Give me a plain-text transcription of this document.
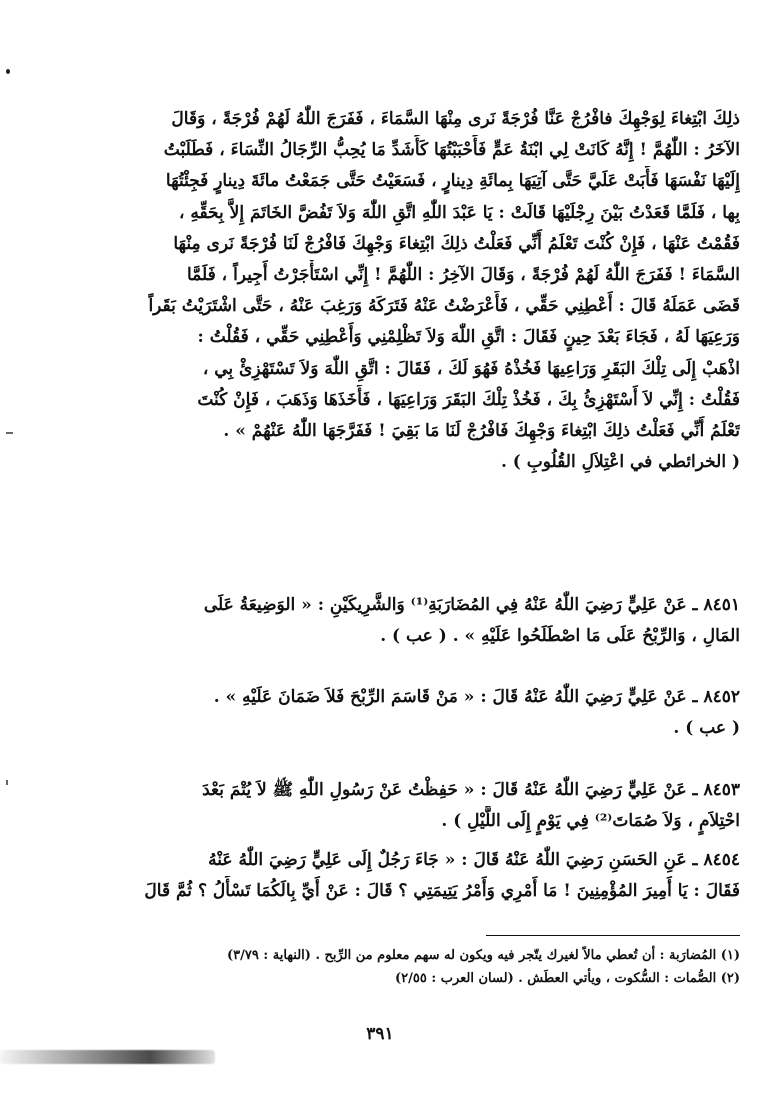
ذلِكَ ابْتِغاءَ لِوَجْهِكَ فافْرُجْ عَنَّا فُرْجَةً نَرى مِنْهَا السَّمَاءَ ، فَفَرَجَ اللّٰهُ لَهُمْ فُرْجَةً ، وَقَالَ
الآخَرُ : اللّٰهُمَّ ! إِنَّهُ كَانَتْ لِي ابْنَةُ عَمٍّ فَأَحْبَبْتُهَا كَأَشَدِّ مَا يُحِبُّ الرِّجَالُ النِّسَاءَ ، فَطَلَبْتُ
إِلَيْهَا نَفْسَهَا فَأَبَتْ عَلَيَّ حَتَّى آتِيَهَا بِمائَةِ دِينارٍ ، فَسَعَيْتُ حَتَّى جَمَعْتُ مائَةَ دِينارٍ فَجِئْتُهَا
بِها ، فَلَمَّا قَعَدْتُ بَيْنَ رِجْلَيْهَا قَالَتْ : يَا عَبْدَ اللّٰهِ اتَّقِ اللّٰهَ وَلاَ تَفُضَّ الخَاتَمَ إِلاَّ بِحَقِّهِ ،
فَقُمْتُ عَنْهَا ، فَإِنْ كُنْتَ تَعْلَمُ أَنِّي فَعَلْتُ ذلِكَ ابْتِغاءَ وَجْهِكَ فَافْرُجْ لَنَا فُرْجَةً نَرى مِنْهَا
السَّمَاءَ ! فَفَرَجَ اللّٰهُ لَهُمْ فُرْجَةً ، وَقَالَ الآخِرُ : اللّٰهُمَّ ! إِنِّي اسْتَأْجَرْتُ أَجِيراً ، فَلَمَّا
قَضَى عَمَلَهُ قَالَ : أَعْطِنِي حَقِّي ، فَأَعْرَضْتُ عَنْهُ فَتَرَكَهُ وَرَغِبَ عَنْهُ ، حَتَّى اشْتَرَيْتُ بَقَراً
وَرَعِيَهَا لَهُ ، فَجَاءَ بَعْدَ حِينٍ فَقَالَ : اتَّقِ اللّٰهَ وَلاَ تَظْلِمْنِي وَأَعْطِنِي حَقِّي ، فَقُلْتُ :
اذْهَبْ إِلَى تِلْكَ البَقَرِ وَرَاعِيهَا فَخُذْهُ فَهُوَ لَكَ ، فَقَالَ : اتَّقِ اللّٰهَ وَلاَ تَسْتَهْزِئْ بِي ،
فَقُلْتُ : إِنِّي لاَ أَسْتَهْزِئُ بِكَ ، فَخُذْ تِلْكَ البَقَرَ وَرَاعِيَهَا ، فَأَخَذَهَا وَذَهَبَ ، فَإِنْ كُنْتَ
تَعْلَمُ أَنِّي فَعَلْتُ ذلِكَ ابْتِغاءَ وَجْهِكَ فَافْرُجْ لَنَا مَا بَقِيَ ! فَفَرَّجَهَا اللّٰهُ عَنْهُمْ » .
( الخرائطي في اعْتِلاَلِ القُلُوبِ ) .
٨٤٥١ ـ عَنْ عَلِيٍّ رَضِيَ اللّٰهُ عَنْهُ فِي المُضَارَبَةِ⁽¹⁾ وَالشَّرِيكَيْنِ : « الوَضِيعَةُ عَلَى
المَالِ ، وَالرِّبْحُ عَلَى مَا اصْطَلَحُوا عَلَيْهِ » . ( عب ) .
٨٤٥٢ ـ عَنْ عَلِيٍّ رَضِيَ اللّٰهُ عَنْهُ قَالَ : « مَنْ قَاسَمَ الرِّبْحَ فَلاَ ضَمَانَ عَلَيْهِ » .
( عب ) .
٨٤٥٣ ـ عَنْ عَلِيٍّ رَضِيَ اللّٰهُ عَنْهُ قَالَ : « حَفِظْتُ عَنْ رَسُولِ اللّٰهِ ﷺ لاَ يُتْمَ بَعْدَ
احْتِلاَمٍ ، وَلاَ صُمَاتَ⁽²⁾ فِي يَوْمٍ إِلَى اللَّيْلِ ) .
٨٤٥٤ ـ عَنِ الحَسَنِ رَضِيَ اللّٰهُ عَنْهُ قَالَ : « جَاءَ رَجُلٌ إِلَى عَلِيٍّ رَضِيَ اللّٰهُ عَنْهُ
فَقَالَ : يَا أَمِيرَ المُؤْمِنِينَ ! مَا أَمْرِي وَأَمْرُ يَتِيمَتِي ؟ قَالَ : عَنْ أَيِّ بِالَكُمَا تَسْأَلُ ؟ ثُمَّ قَالَ
(١) المُضارَبة : أن تُعطي مالاً لغيرك يتّجر فيه ويكون له سهم معلوم من الرِّبح . (النهاية : ٣/٧٩)
(٢) الصُّمات : السُّكوت ، ويأتي العطَش . (لسان العرب : ٢/٥٥)
٣٩١
